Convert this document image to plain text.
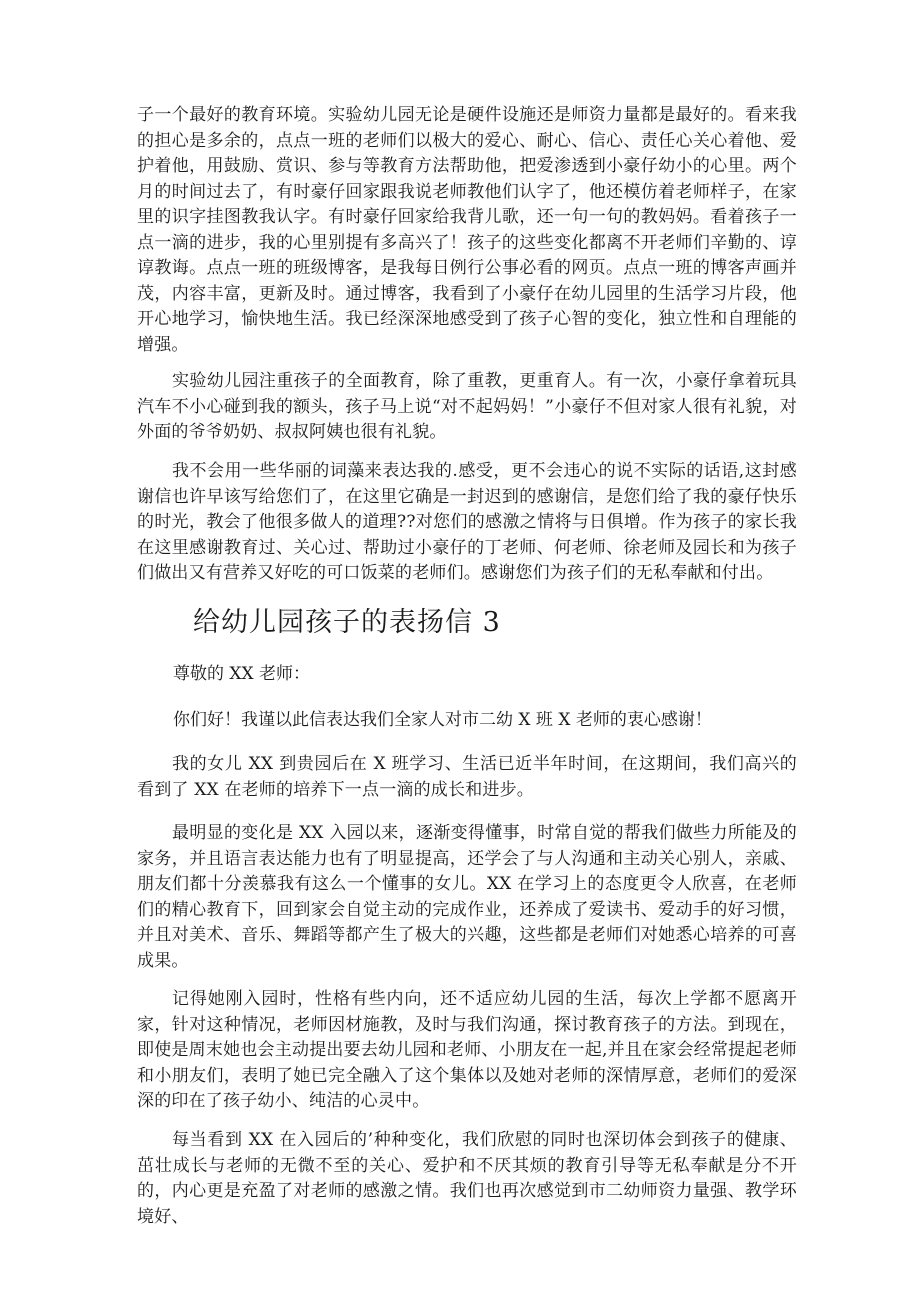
子一个最好的教育环境。实验幼儿园无论是硬件设施还是师资力量都是最好的。看来我的担心是多余的，点点一班的老师们以极大的爱心、耐心、信心、责任心关心着他、爱护着他，用鼓励、赏识、参与等教育方法帮助他，把爱渗透到小豪仔幼小的心里。两个月的时间过去了，有时豪仔回家跟我说老师教他们认字了，他还模仿着老师样子，在家里的识字挂图教我认字。有时豪仔回家给我背儿歌，还一句一句的教妈妈。看着孩子一点一滴的进步，我的心里别提有多高兴了！孩子的这些变化都离不开老师们辛勤的、谆谆教诲。点点一班的班级博客，是我每日例行公事必看的网页。点点一班的博客声画并茂，内容丰富，更新及时。通过博客，我看到了小豪仔在幼儿园里的生活学习片段，他开心地学习，愉快地生活。我已经深深地感受到了孩子心智的变化，独立性和自理能的增强。

实验幼儿园注重孩子的全面教育，除了重教，更重育人。有一次，小豪仔拿着玩具汽车不小心碰到我的额头，孩子马上说“对不起妈妈！”小豪仔不但对家人很有礼貌，对外面的爷爷奶奶、叔叔阿姨也很有礼貌。

我不会用一些华丽的词藻来表达我的.感受，更不会违心的说不实际的话语,这封感谢信也许早该写给您们了，在这里它确是一封迟到的感谢信，是您们给了我的豪仔快乐的时光，教会了他很多做人的道理??对您们的感激之情将与日俱增。作为孩子的家长我在这里感谢教育过、关心过、帮助过小豪仔的丁老师、何老师、徐老师及园长和为孩子们做出又有营养又好吃的可口饭菜的老师们。感谢您们为孩子们的无私奉献和付出。

给幼儿园孩子的表扬信 3

尊敬的 XX 老师：

你们好！我谨以此信表达我们全家人对市二幼 X 班 X 老师的衷心感谢！

我的女儿 XX 到贵园后在 X 班学习、生活已近半年时间，在这期间，我们高兴的看到了 XX 在老师的培养下一点一滴的成长和进步。

最明显的变化是 XX 入园以来，逐渐变得懂事，时常自觉的帮我们做些力所能及的家务，并且语言表达能力也有了明显提高，还学会了与人沟通和主动关心别人，亲戚、朋友们都十分羡慕我有这么一个懂事的女儿。XX 在学习上的态度更令人欣喜，在老师们的精心教育下，回到家会自觉主动的完成作业，还养成了爱读书、爱动手的好习惯，并且对美术、音乐、舞蹈等都产生了极大的兴趣，这些都是老师们对她悉心培养的可喜成果。

记得她刚入园时，性格有些内向，还不适应幼儿园的生活，每次上学都不愿离开家，针对这种情况，老师因材施教，及时与我们沟通，探讨教育孩子的方法。到现在，即使是周末她也会主动提出要去幼儿园和老师、小朋友在一起,并且在家会经常提起老师和小朋友们，表明了她已完全融入了这个集体以及她对老师的深情厚意，老师们的爱深深的印在了孩子幼小、纯洁的心灵中。

每当看到 XX 在入园后的’种种变化，我们欣慰的同时也深切体会到孩子的健康、茁壮成长与老师的无微不至的关心、爱护和不厌其烦的教育引导等无私奉献是分不开的，内心更是充盈了对老师的感激之情。我们也再次感觉到市二幼师资力量强、教学环境好、
